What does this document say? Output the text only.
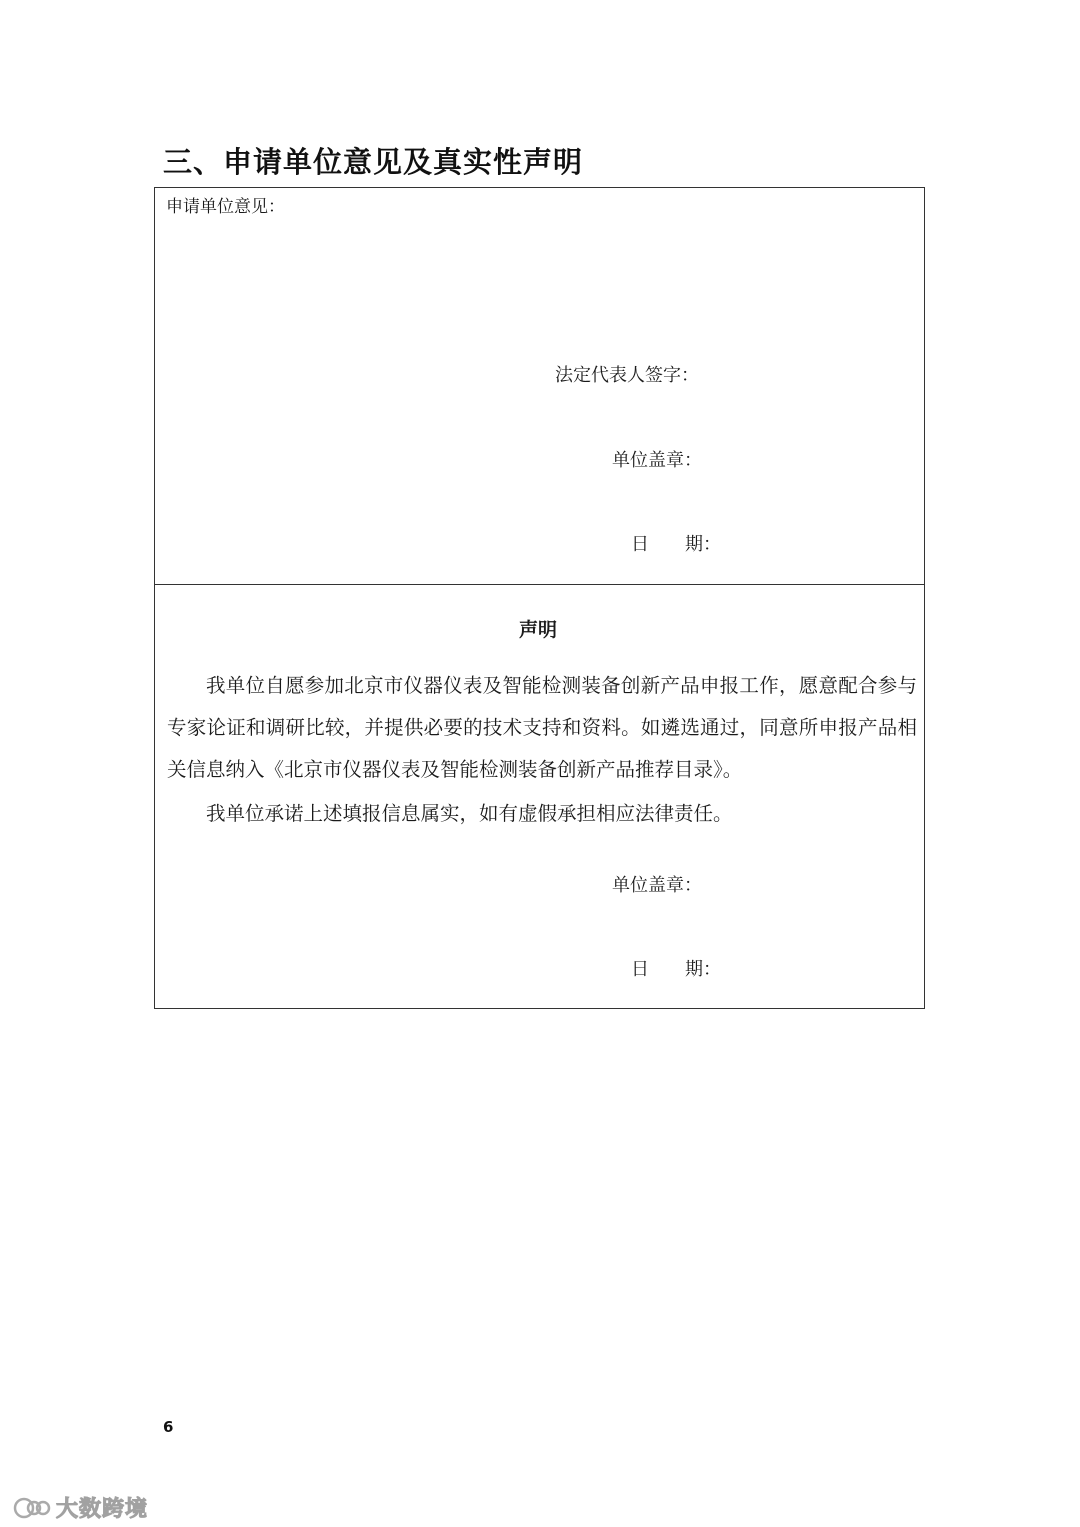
三、申请单位意见及真实性声明
申请单位意见：
法定代表人签字：
单位盖章：
日　　期：
声明

我单位自愿参加北京市仪器仪表及智能检测装备创新产品申报工作，愿意配合参与专家论证和调研比较，并提供必要的技术支持和资料。如遴选通过，同意所申报产品相关信息纳入《北京市仪器仪表及智能检测装备创新产品推荐目录》。

我单位承诺上述填报信息属实，如有虚假承担相应法律责任。

单位盖章：
日　　期：
6
大数跨境
